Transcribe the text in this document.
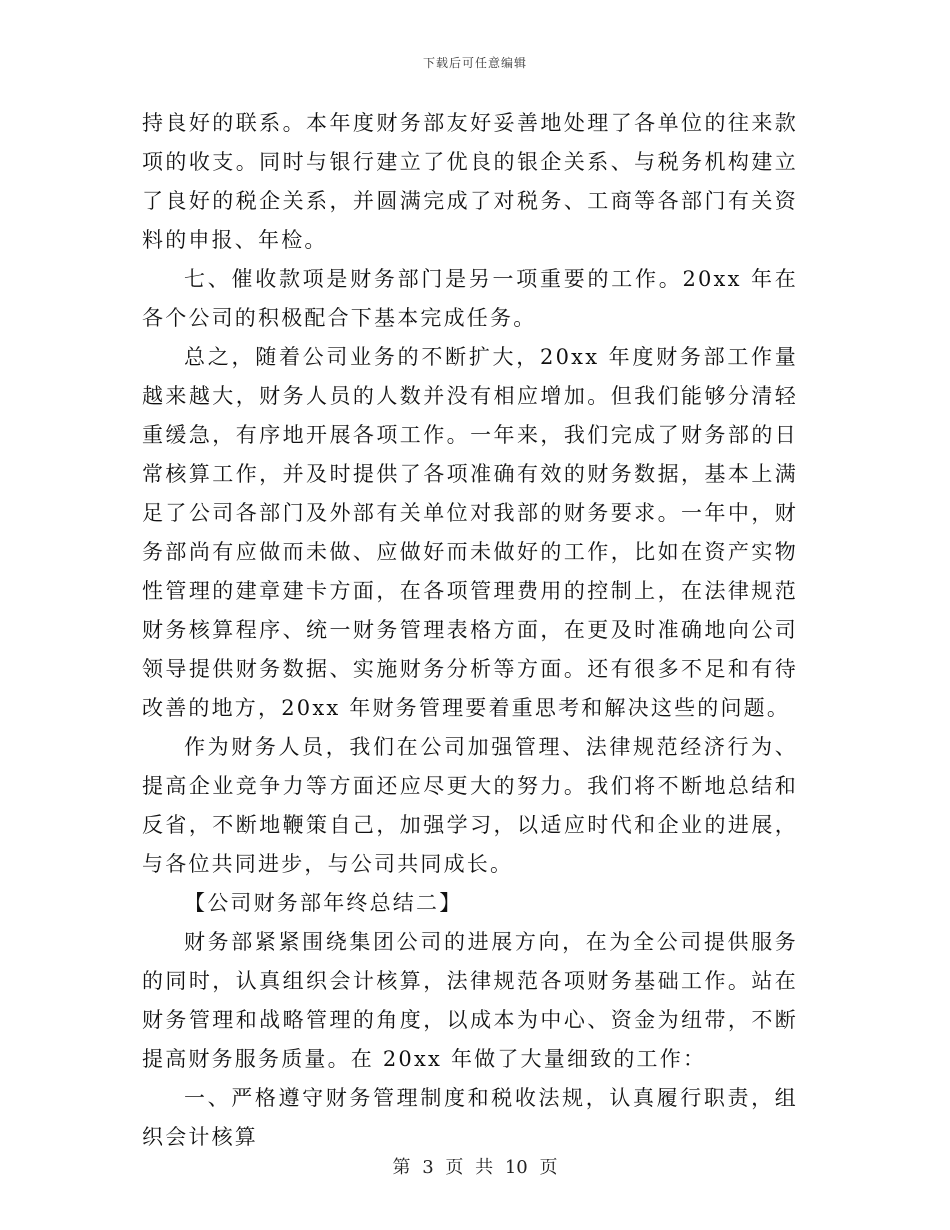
下载后可任意编辑

持良好的联系。本年度财务部友好妥善地处理了各单位的往来款项的收支。同时与银行建立了优良的银企关系、与税务机构建立了良好的税企关系，并圆满完成了对税务、工商等各部门有关资料的申报、年检。

七、催收款项是财务部门是另一项重要的工作。20xx 年在各个公司的积极配合下基本完成任务。

总之，随着公司业务的不断扩大，20xx 年度财务部工作量越来越大，财务人员的人数并没有相应增加。但我们能够分清轻重缓急，有序地开展各项工作。一年来，我们完成了财务部的日常核算工作，并及时提供了各项准确有效的财务数据，基本上满足了公司各部门及外部有关单位对我部的财务要求。一年中，财务部尚有应做而未做、应做好而未做好的工作，比如在资产实物性管理的建章建卡方面，在各项管理费用的控制上，在法律规范财务核算程序、统一财务管理表格方面，在更及时准确地向公司领导提供财务数据、实施财务分析等方面。还有很多不足和有待改善的地方，20xx 年财务管理要着重思考和解决这些的问题。

作为财务人员，我们在公司加强管理、法律规范经济行为、提高企业竞争力等方面还应尽更大的努力。我们将不断地总结和反省，不断地鞭策自己，加强学习，以适应时代和企业的进展，与各位共同进步，与公司共同成长。

【公司财务部年终总结二】

财务部紧紧围绕集团公司的进展方向，在为全公司提供服务的同时，认真组织会计核算，法律规范各项财务基础工作。站在财务管理和战略管理的角度，以成本为中心、资金为纽带，不断提高财务服务质量。在 20xx 年做了大量细致的工作：

一、严格遵守财务管理制度和税收法规，认真履行职责，组织会计核算

第 3 页 共 10 页
